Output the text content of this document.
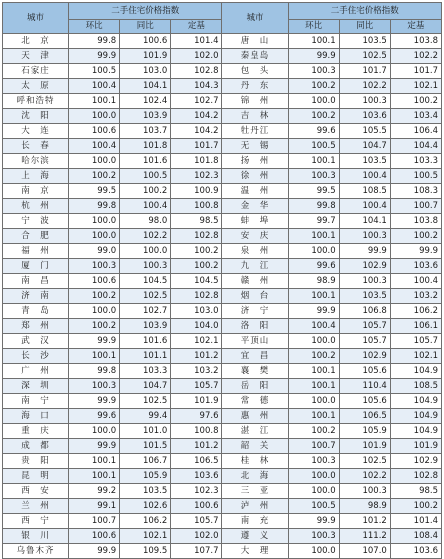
城市	二手住宅价格指数			城市	二手住宅价格指数		
	环比	同比	定基		环比	同比	定基
北　京	99.8	100.6	101.4	唐　山	100.1	103.5	103.8
天　津	99.9	101.9	102.0	秦皇岛	99.9	102.5	102.2
石家庄	100.5	103.0	102.8	包　头	100.3	101.7	101.7
太　原	100.4	104.1	104.3	丹　东	100.2	102.2	102.1
呼和浩特	100.1	102.4	102.7	锦　州	100.0	100.3	100.2
沈　阳	100.0	103.9	104.2	吉　林	100.2	103.6	103.4
大　连	100.6	103.7	104.2	牡丹江	99.6	105.5	106.4
长　春	100.4	101.8	101.7	无　锡	100.5	104.7	104.4
哈尔滨	100.0	101.6	101.8	扬　州	100.1	103.5	103.3
上　海	100.2	100.5	102.3	徐　州	100.3	100.4	100.5
南　京	99.5	100.2	100.9	温　州	99.5	108.5	108.3
杭　州	99.8	100.4	100.8	金　华	99.8	100.4	100.7
宁　波	100.0	98.0	98.5	蚌　埠	99.7	104.1	103.8
合　肥	100.0	102.2	102.8	安　庆	100.1	100.3	100.2
福　州	99.0	100.0	100.2	泉　州	100.0	99.9	99.9
厦　门	100.3	100.3	100.2	九　江	99.6	102.9	103.6
南　昌	100.6	104.5	104.5	赣　州	98.9	100.3	100.4
济　南	100.2	102.5	102.8	烟　台	100.1	103.5	103.2
青　岛	100.0	102.7	103.0	济　宁	99.9	106.8	106.2
郑　州	100.2	103.9	104.0	洛　阳	100.4	105.7	106.1
武　汉	99.9	101.6	102.1	平顶山	100.0	105.7	105.7
长　沙	100.1	101.1	101.2	宜　昌	100.2	102.9	102.1
广　州	99.8	103.3	103.2	襄　樊	100.1	105.6	104.9
深　圳	100.3	104.7	105.7	岳　阳	100.1	110.4	108.5
南　宁	99.9	102.5	101.9	常　德	100.0	105.6	104.9
海　口	99.6	99.4	97.6	惠　州	100.1	106.5	104.9
重　庆	100.0	101.0	100.8	湛　江	100.2	105.9	104.9
成　都	99.9	101.5	101.2	韶　关	100.7	101.9	101.9
贵　阳	100.1	106.7	106.5	桂　林	100.3	102.5	102.9
昆　明	100.1	105.9	103.6	北　海	100.0	102.2	102.8
西　安	99.2	103.5	102.3	三　亚	100.0	100.3	98.5
兰　州	99.1	102.6	100.6	泸　州	100.5	98.9	100.2
西　宁	100.7	106.2	105.7	南　充	99.9	101.2	101.4
银　川	100.6	102.1	102.0	遵　义	100.3	111.2	108.4
乌鲁木齐	99.9	109.5	107.7	大　理	100.0	107.0	103.6
